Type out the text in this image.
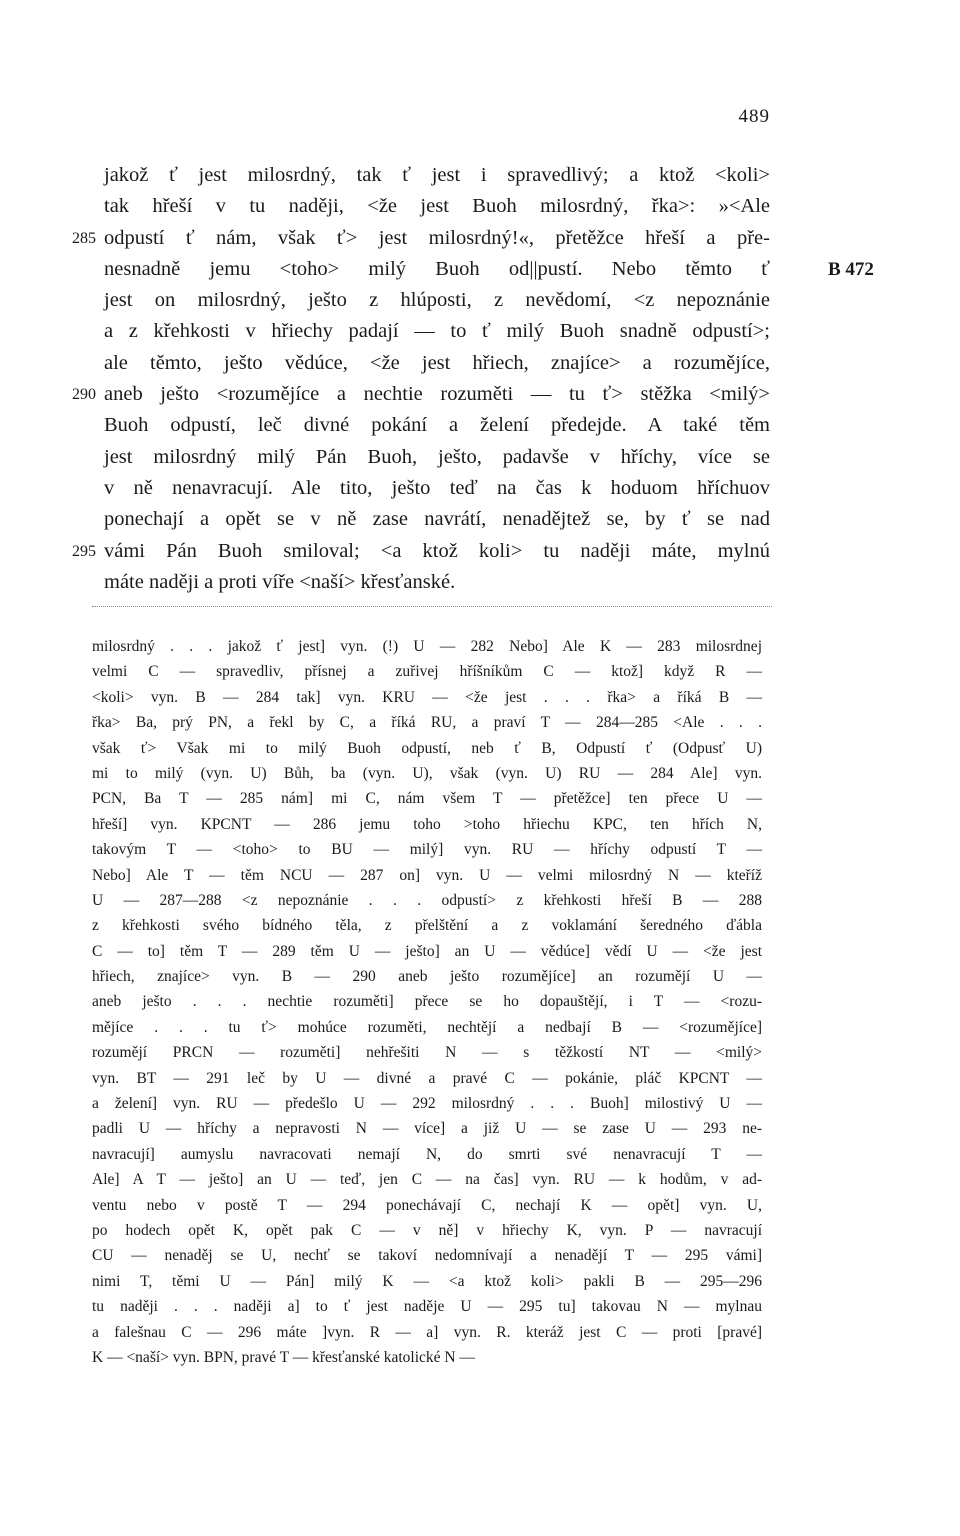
489
jakož ť jest milosrdný, tak ť jest i spravedlivý; a ktož <koli>
tak hřeší v tu naději, <že jest Buoh milosrdný, řka>: »<Ale
285 odpustí ť nám, však ť> jest milosrdný!«, přetěžce hřeší a pře-
nesnadně jemu <toho> milý Buoh od||pustí. Nebo těmto ť	B 472
jest on milosrdný, ješto z hlúposti, z nevědomí, <z nepoznánie
a z křehkosti v hřiechy padají — to ť milý Buoh snadně odpustí>;
ale těmto, ješto vědúce, <že jest hřiech, znajíce> a rozumějíce,
290 aneb ješto <rozumějíce a nechtie rozuměti — tu ť> stěžka <milý>
Buoh odpustí, leč divné pokání a želení předejde. A také těm
jest milosrdný milý Pán Buoh, ješto, padavše v hříchy, více se
v ně nenavracují. Ale tito, ješto teď na čas k hoduom hříchuov
ponechají a opět se v ně zase navrátí, nenadějtež se, by ť se nad
295 vámi Pán Buoh smiloval; <a ktož koli> tu naději máte, mylnú
máte naději a proti víře <naší> křesťanské.
milosrdný . . . jakož ť jest] vyn. (!) U — 282 Nebo] Ale K — 283 milosrdnej
velmi C — spravedliv, přísnej a zuřivej hříšníkům C — ktož] když R —
<koli> vyn. B — 284 tak] vyn. KRU — <že jest . . . řka> a říká B —
řka> Ba, prý PN, a řekl by C, a říká RU, a praví T — 284—285 <Ale . . .
však ť> Však mi to milý Buoh odpustí, neb ť B, Odpustí ť (Odpusť U)
mi to milý (vyn. U) Bůh, ba (vyn. U), však (vyn. U) RU — 284 Ale] vyn.
PCN, Ba T — 285 nám] mi C, nám všem T — přetěžce] ten přece U —
hřeší] vyn. KPCNT — 286 jemu toho >toho hřiechu KPC, ten hřích N,
takovým T — <toho> to BU — milý] vyn. RU — hříchy odpustí T —
Nebo] Ale T — těm NCU — 287 on] vyn. U — velmi milosrdný N — kteříž
U — 287—288 <z nepoznánie . . . odpustí> z křehkosti hřeší B — 288
z křehkosti svého bídného těla, z přelštění a z voklamání šeredného ďábla
C — to] těm T — 289 těm U — ješto] an U — vědúce] vědí U — <že jest
hřiech, znajíce> vyn. B — 290 aneb ješto rozumějíce] an rozumějí U —
aneb ješto . . . nechtie rozuměti] přece se ho dopauštějí, i T — <rozu-
mějíce . . . tu ť> mohúce rozuměti, nechtějí a nedbají B — <rozumějíce]
rozumějí PRCN — rozuměti] nehřešiti N — s těžkostí NT — <milý>
vyn. BT — 291 leč by U — divné a pravé C — pokánie, pláč KPCNT —
a želení] vyn. RU — předešlo U — 292 milosrdný . . . Buoh] milostivý U —
padli U — hříchy a nepravosti N — více] a již U — se zase U — 293 ne-
navracují] aumyslu navracovati nemají N, do smrti své nenavracují T —
Ale] A T — ješto] an U — teď, jen C — na čas] vyn. RU — k hodům, v ad-
ventu nebo v postě T — 294 ponechávají C, nechají K — opět] vyn. U,
po hodech opět K, opět pak C — v ně] v hřiechy K, vyn. P — navracují
CU — nenaděj se U, nechť se takoví nedomnívají a nenadějí T — 295 vámi]
nimi T, těmi U — Pán] milý K — <a ktož koli> pakli B — 295—296
tu naději . . . naději a] to ť jest naděje U — 295 tu] takovau N — mylnau
a falešnau C — 296 máte ]vyn. R — a] vyn. R. kteráž jest C — proti [pravé]
K — <naší> vyn. BPN, pravé T — křesťanské katolické N —
